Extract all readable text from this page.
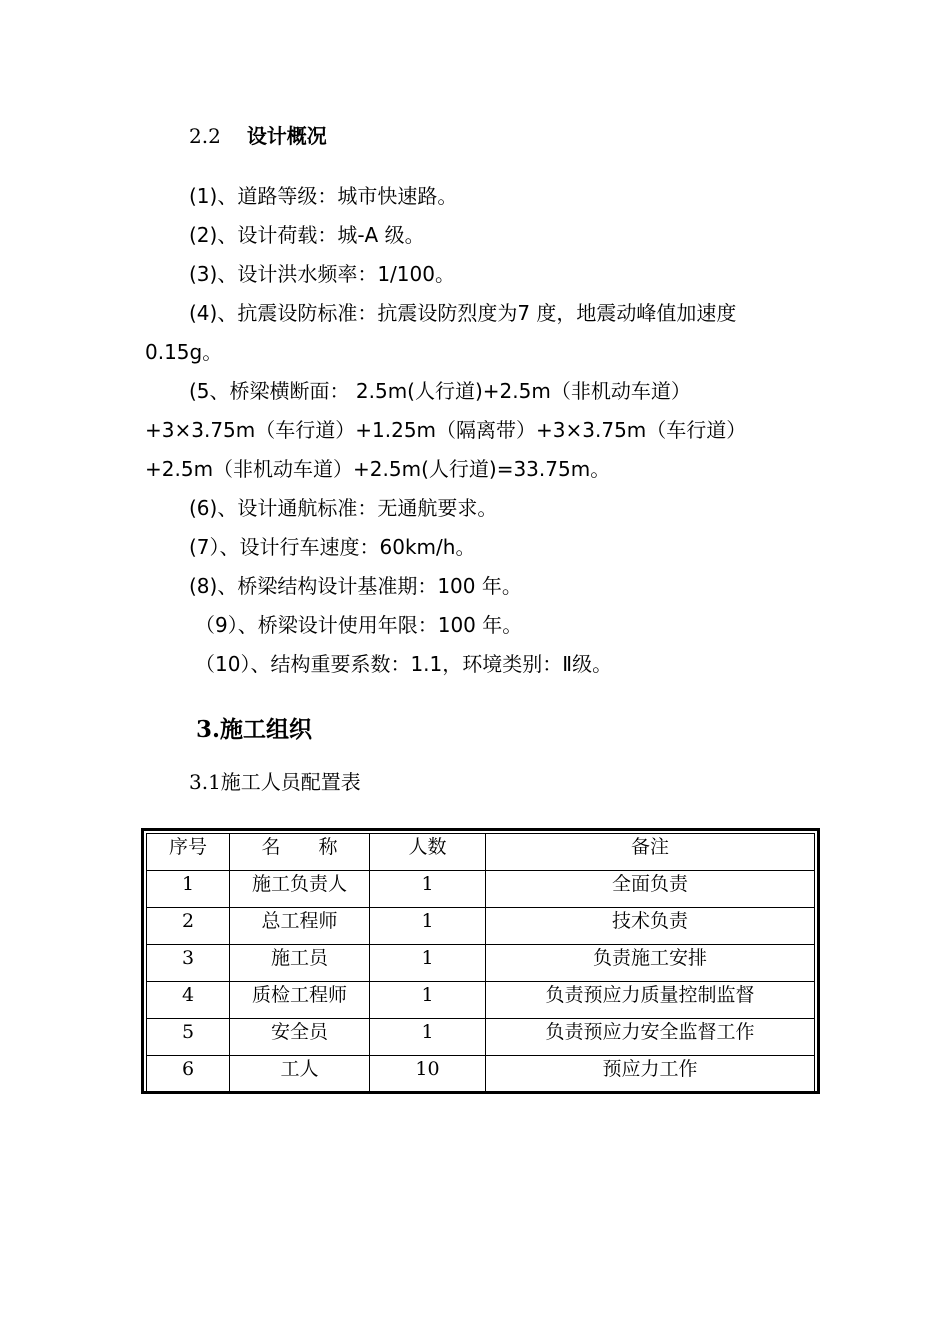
2.2 设计概况

(1)、道路等级：城市快速路。

(2)、设计荷载：城-A 级。

(3)、设计洪水频率：1/100。

(4)、抗震设防标准：抗震设防烈度为7 度，地震动峰值加速度

0.15g。

(5、桥梁横断面： 2.5m(人行道)+2.5m（非机动车道）

+3×3.75m（车行道）+1.25m（隔离带）+3×3.75m（车行道）

+2.5m（非机动车道）+2.5m(人行道)=33.75m。

(6)、设计通航标准：无通航要求。

(7）、设计行车速度：60km/h。

(8)、桥梁结构设计基准期：100 年。

（9）、桥梁设计使用年限：100 年。

（10）、结构重要系数：1.1，环境类别：Ⅱ级。

3.施工组织
3.1施工人员配置表
序号	名　　称	人数	备注
1	施工负责人	1	全面负责
2	总工程师	1	技术负责
3	施工员	1	负责施工安排
4	质检工程师	1	负责预应力质量控制监督
5	安全员	1	负责预应力安全监督工作
6	工人	10	预应力工作
